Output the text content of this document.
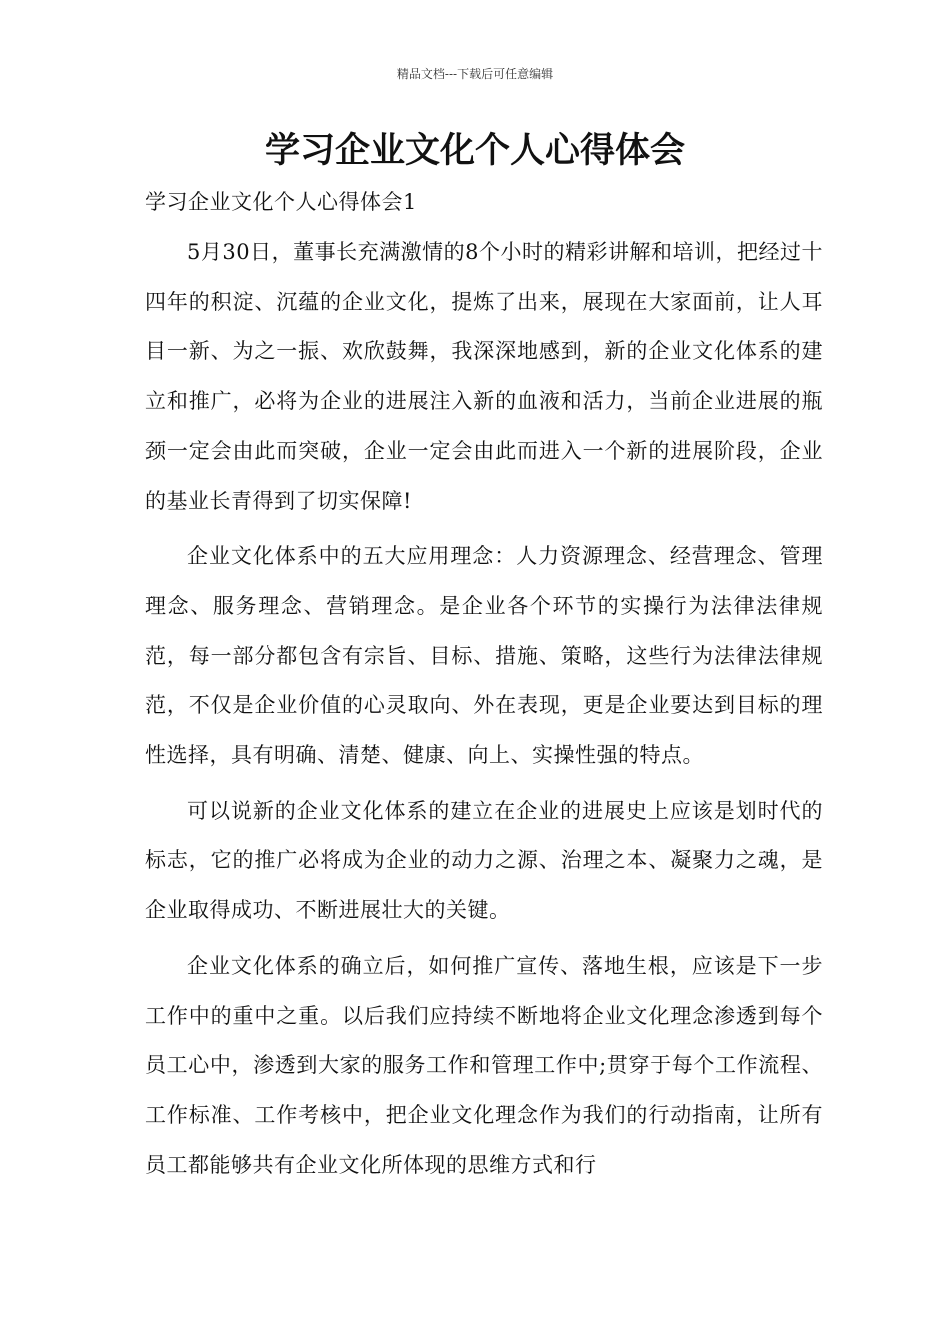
精品文档---下载后可任意编辑
学习企业文化个人心得体会
学习企业文化个人心得体会1

5月30日，董事长充满激情的8个小时的精彩讲解和培训，把经过十四年的积淀、沉蕴的企业文化，提炼了出来，展现在大家面前，让人耳目一新、为之一振、欢欣鼓舞，我深深地感到，新的企业文化体系的建立和推广，必将为企业的进展注入新的血液和活力，当前企业进展的瓶颈一定会由此而突破，企业一定会由此而进入一个新的进展阶段，企业的基业长青得到了切实保障!

企业文化体系中的五大应用理念：人力资源理念、经营理念、管理理念、服务理念、营销理念。是企业各个环节的实操行为法律法律规范，每一部分都包含有宗旨、目标、措施、策略，这些行为法律法律规范，不仅是企业价值的心灵取向、外在表现，更是企业要达到目标的理性选择，具有明确、清楚、健康、向上、实操性强的特点。

可以说新的企业文化体系的建立在企业的进展史上应该是划时代的标志，它的推广必将成为企业的动力之源、治理之本、凝聚力之魂，是企业取得成功、不断进展壮大的关键。

企业文化体系的确立后，如何推广宣传、落地生根，应该是下一步工作中的重中之重。以后我们应持续不断地将企业文化理念渗透到每个员工心中，渗透到大家的服务工作和管理工作中;贯穿于每个工作流程、工作标准、工作考核中，把企业文化理念作为我们的行动指南，让所有员工都能够共有企业文化所体现的思维方式和行
